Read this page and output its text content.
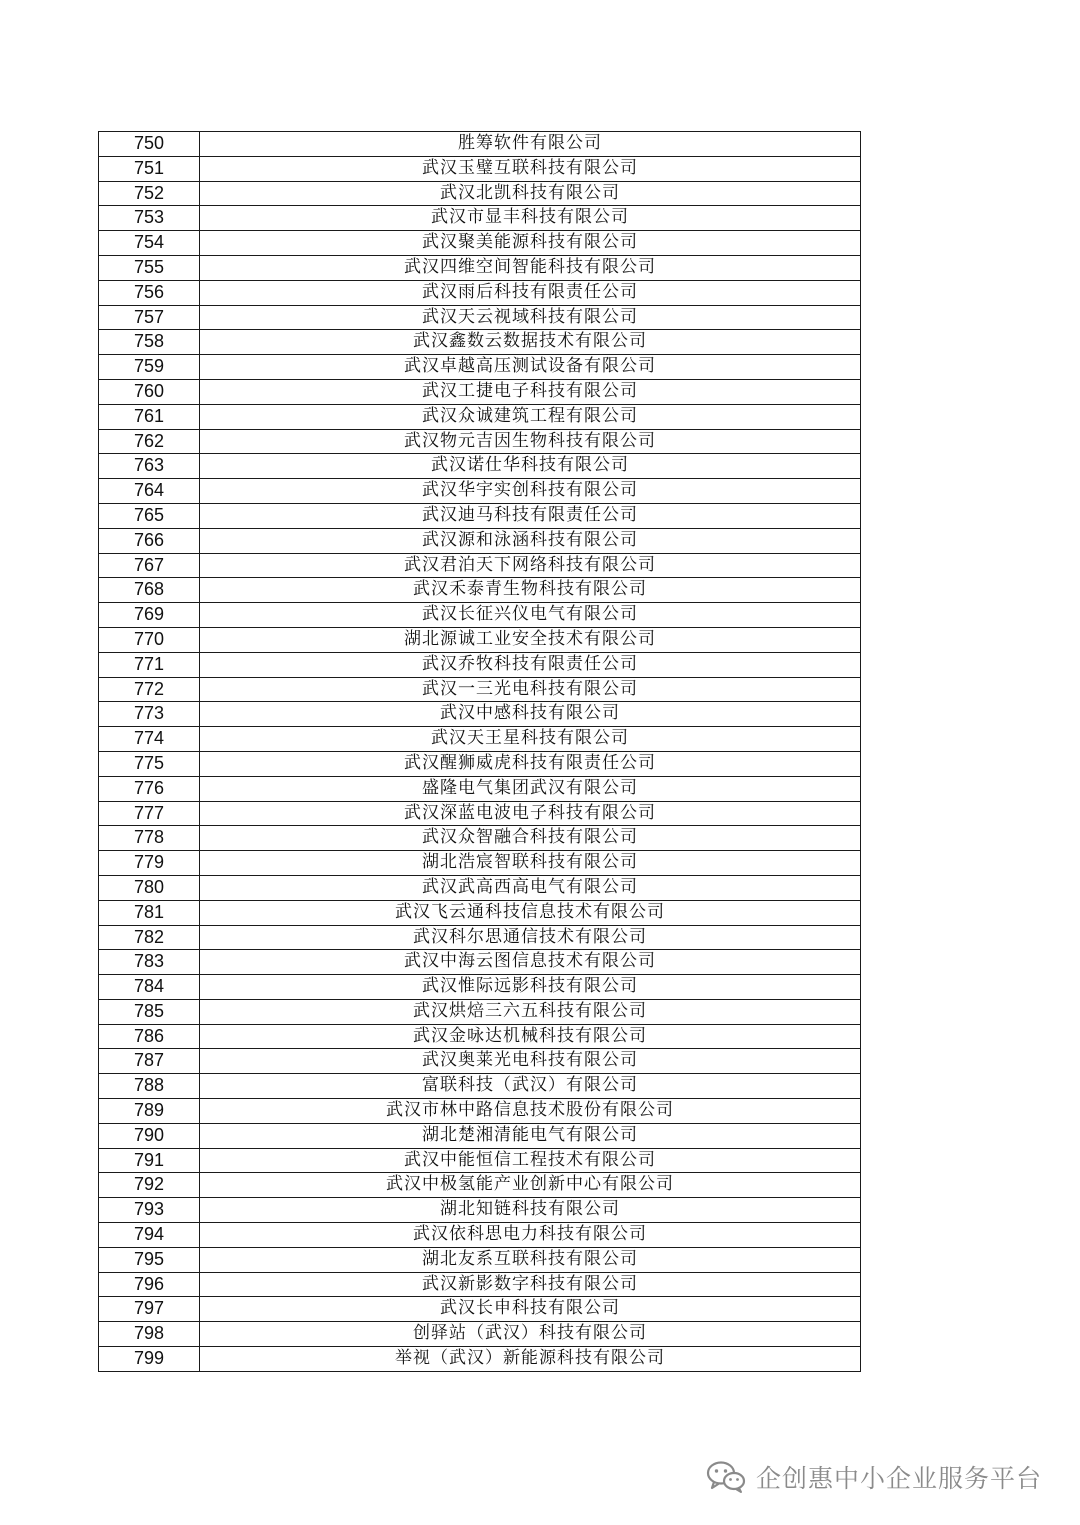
750	胜筹软件有限公司
751	武汉玉璧互联科技有限公司
752	武汉北凯科技有限公司
753	武汉市显丰科技有限公司
754	武汉聚美能源科技有限公司
755	武汉四维空间智能科技有限公司
756	武汉雨后科技有限责任公司
757	武汉天云视域科技有限公司
758	武汉鑫数云数据技术有限公司
759	武汉卓越高压测试设备有限公司
760	武汉工捷电子科技有限公司
761	武汉众诚建筑工程有限公司
762	武汉物元吉因生物科技有限公司
763	武汉诺仕华科技有限公司
764	武汉华宇实创科技有限公司
765	武汉迪马科技有限责任公司
766	武汉源和泳涵科技有限公司
767	武汉君泊天下网络科技有限公司
768	武汉禾泰青生物科技有限公司
769	武汉长征兴仪电气有限公司
770	湖北源诚工业安全技术有限公司
771	武汉乔牧科技有限责任公司
772	武汉一三光电科技有限公司
773	武汉中感科技有限公司
774	武汉天王星科技有限公司
775	武汉醒狮威虎科技有限责任公司
776	盛隆电气集团武汉有限公司
777	武汉深蓝电波电子科技有限公司
778	武汉众智融合科技有限公司
779	湖北浩宸智联科技有限公司
780	武汉武高西高电气有限公司
781	武汉飞云通科技信息技术有限公司
782	武汉科尔思通信技术有限公司
783	武汉中海云图信息技术有限公司
784	武汉惟际远影科技有限公司
785	武汉烘焙三六五科技有限公司
786	武汉金咏达机械科技有限公司
787	武汉奥莱光电科技有限公司
788	富联科技（武汉）有限公司
789	武汉市林中路信息技术股份有限公司
790	湖北楚湘清能电气有限公司
791	武汉中能恒信工程技术有限公司
792	武汉中极氢能产业创新中心有限公司
793	湖北知链科技有限公司
794	武汉依科思电力科技有限公司
795	湖北友系互联科技有限公司
796	武汉新影数字科技有限公司
797	武汉长申科技有限公司
798	创驿站（武汉）科技有限公司
799	举视（武汉）新能源科技有限公司
企创惠中小企业服务平台
